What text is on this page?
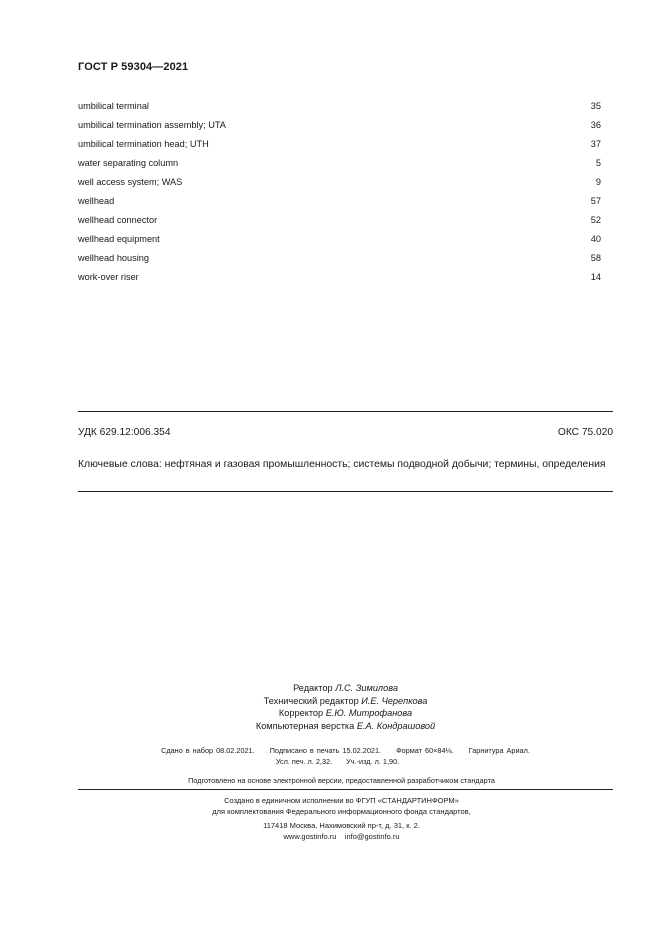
ГОСТ Р 59304—2021
umbilical terminal	35
umbilical termination assembly; UTA	36
umbilical termination head; UTH	37
water separating column	5
well access system; WAS	9
wellhead	57
wellhead connector	52
wellhead equipment	40
wellhead housing	58
work-over riser	14
УДК 629.12:006.354	ОКС 75.020
Ключевые слова: нефтяная и газовая промышленность; системы подводной добычи; термины, определения
Редактор Л.С. Зимилова
Технический редактор И.Е. Черепкова
Корректор Е.Ю. Митрофанова
Компьютерная верстка Е.А. Кондрашовой
Сдано в набор 08.02.2021. Подписано в печать 15.02.2021. Формат 60×84⅛. Гарнитура Ариал.
Усл. печ. л. 2,32. Уч.-изд. л. 1,90.
Подготовлено на основе электронной версии, предоставленной разработчиком стандарта
Создано в единичном исполнении во ФГУП «СТАНДАРТИНФОРМ»
для комплектования Федерального информационного фонда стандартов,
117418 Москва, Нахимовский пр-т, д. 31, к. 2.
www.gostinfo.ru info@gostinfo.ru
